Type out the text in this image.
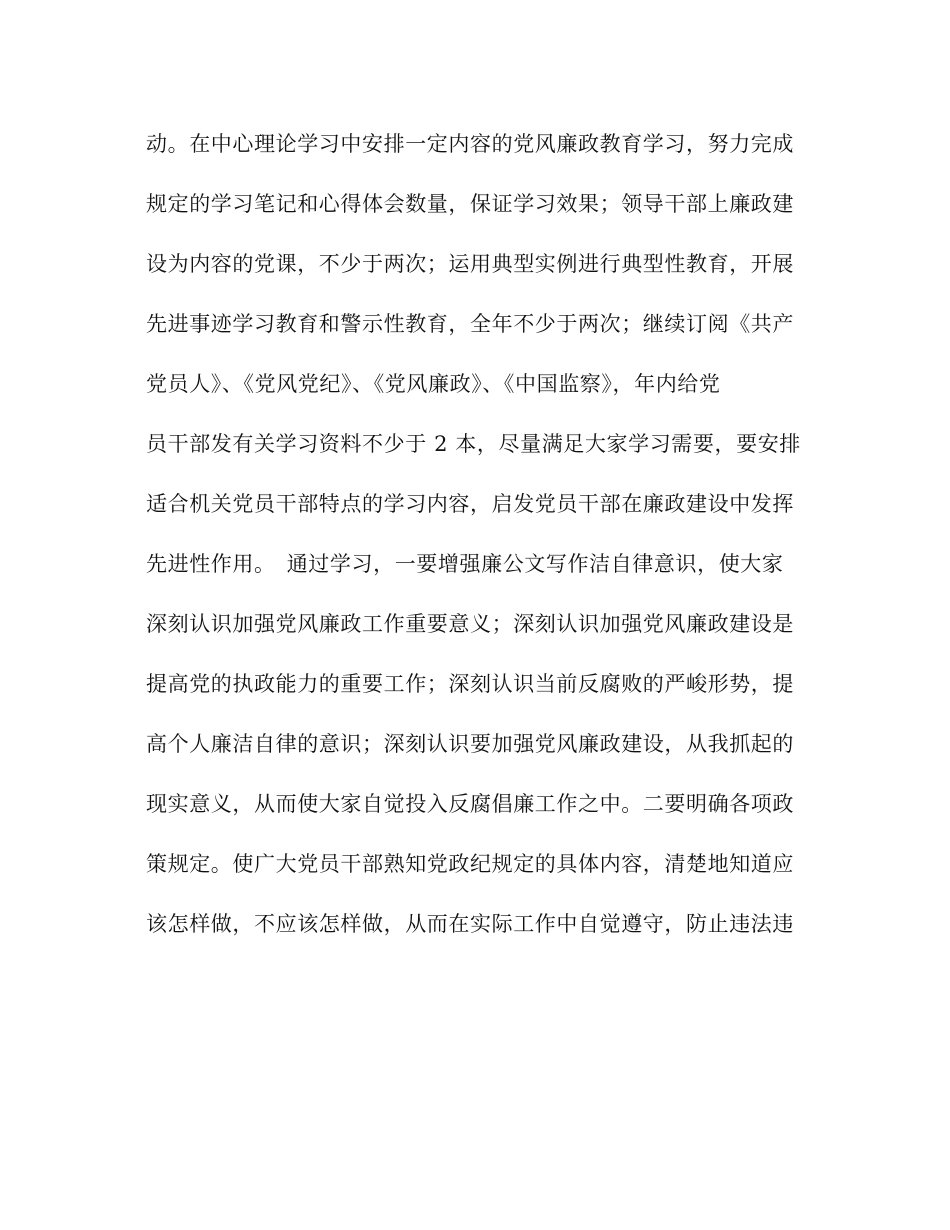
动。在中心理论学习中安排一定内容的党风廉政教育学习，努力完成
规定的学习笔记和心得体会数量，保证学习效果；领导干部上廉政建
设为内容的党课，不少于两次；运用典型实例进行典型性教育，开展
先进事迹学习教育和警示性教育，全年不少于两次；继续订阅《共产
党员人》、《党风党纪》、《党风廉政》、《中国监察》，年内给党
员干部发有关学习资料不少于 2 本，尽量满足大家学习需要，要安排
适合机关党员干部特点的学习内容，启发党员干部在廉政建设中发挥
先进性作用。　通过学习，一要增强廉公文写作洁自律意识，使大家
深刻认识加强党风廉政工作重要意义；深刻认识加强党风廉政建设是
提高党的执政能力的重要工作；深刻认识当前反腐败的严峻形势，提
高个人廉洁自律的意识；深刻认识要加强党风廉政建设，从我抓起的
现实意义，从而使大家自觉投入反腐倡廉工作之中。二要明确各项政
策规定。使广大党员干部熟知党政纪规定的具体内容，清楚地知道应
该怎样做，不应该怎样做，从而在实际工作中自觉遵守，防止违法违
